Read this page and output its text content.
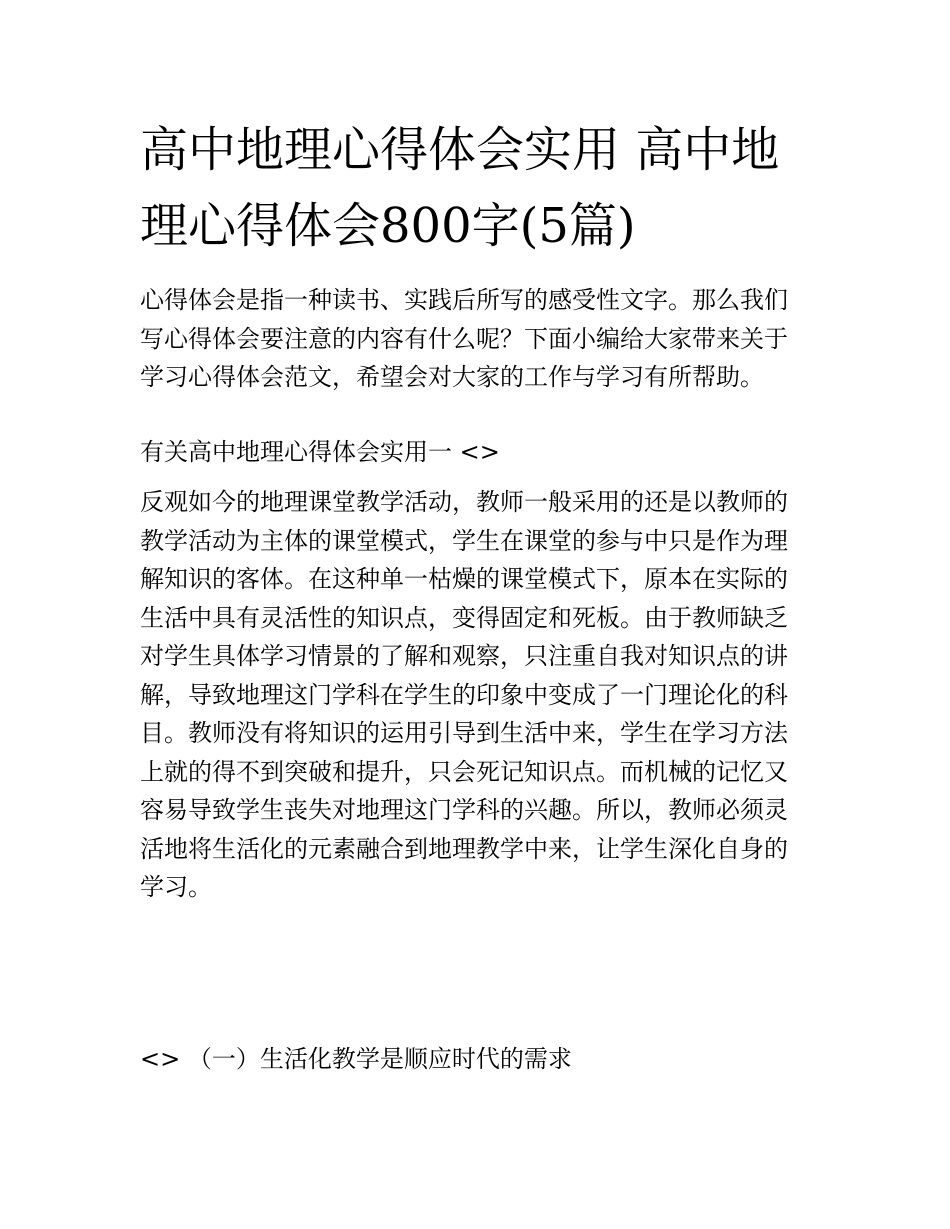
高中地理心得体会实用 高中地
理心得体会800字(5篇)

心得体会是指一种读书、实践后所写的感受性文字。那么我们
写心得体会要注意的内容有什么呢？下面小编给大家带来关于
学习心得体会范文，希望会对大家的工作与学习有所帮助。

有关高中地理心得体会实用一 <>

反观如今的地理课堂教学活动，教师一般采用的还是以教师的
教学活动为主体的课堂模式，学生在课堂的参与中只是作为理
解知识的客体。在这种单一枯燥的课堂模式下，原本在实际的
生活中具有灵活性的知识点，变得固定和死板。由于教师缺乏
对学生具体学习情景的了解和观察，只注重自我对知识点的讲
解，导致地理这门学科在学生的印象中变成了一门理论化的科
目。教师没有将知识的运用引导到生活中来，学生在学习方法
上就的得不到突破和提升，只会死记知识点。而机械的记忆又
容易导致学生丧失对地理这门学科的兴趣。所以，教师必须灵
活地将生活化的元素融合到地理教学中来，让学生深化自身的
学习。

<> （一）生活化教学是顺应时代的需求
